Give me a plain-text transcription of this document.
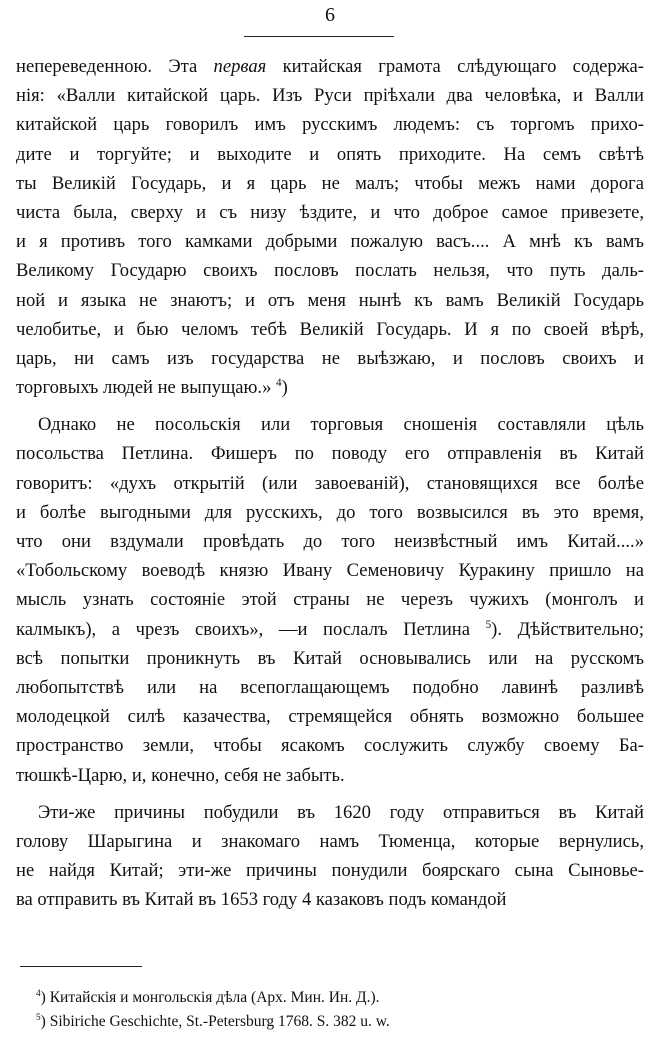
6
непереведенною. Эта первая китайская грамота слѣдующаго содержа-
нія: «Валли китайской царь. Изъ Руси пріѣхали два человѣка, и Валли
китайской царь говорилъ имъ русскимъ людемъ: съ торгомъ прихо-
дите и торгуйте; и выходите и опять приходите. На семъ свѣтѣ
ты Великій Государь, и я царь не малъ; чтобы межъ нами дорога
чиста была, сверху и съ низу ѣздите, и что доброе самое привезете,
и я противъ того камками добрыми пожалую васъ.... А мнѣ къ вамъ
Великому Государю своихъ пословъ послать нельзя, что путь даль-
ной и языка не знаютъ; и отъ меня нынѣ къ вамъ Великій Государь
челобитье, и бью челомъ тебѣ Великій Государь. И я по своей вѣрѣ,
царь, ни самъ изъ государства не выѣзжаю, и пословъ своихъ и
торговыхъ людей не выпущаю.» $^4$)
Однако не посольскія или торговыя сношенія составляли цѣль
посольства Петлина. Фишеръ по поводу его отправленія въ Китай
говоритъ: «духъ открытій (или завоеваній), становящихся все болѣе
и болѣе выгодными для русскихъ, до того возвысился въ это время,
что они вздумали провѣдать до того неизвѣстный имъ Китай....»
«Тобольскому воеводѣ князю Ивану Семеновичу Куракину пришло на
мысль узнать состояніе этой страны не черезъ чужихъ (монголъ и
калмыкъ), а чрезъ своихъ», —и послалъ Петлина $^5$). Дѣйствительно;
всѣ попытки проникнуть въ Китай основывались или на русскомъ
любопытствѣ или на всепоглащающемъ подобно лавинѣ разливѣ
молодецкой силѣ казачества, стремящейся обнять возможно большее
пространство земли, чтобы ясакомъ сослужить службу своему Ба-
тюшкѣ-Царю, и, конечно, себя не забыть.
Эти-же причины побудили въ 1620 году отправиться въ Китай
голову Шарыгина и знакомаго намъ Тюменца, которые вернулись,
не найдя Китай; эти-же причины понудили боярскаго сына Сыновье-
ва отправить въ Китай въ 1653 году 4 казаковъ подъ командой
$^4$) Китайскія и монгольскія дѣла (Арх. Мин. Ин. Д.).
$^5$) Sibiriche Geschichte, St.-Petersburg 1768. S. 382 u. w.
